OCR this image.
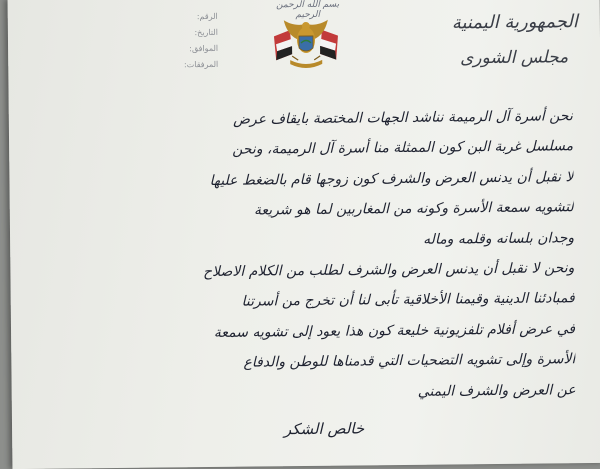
الرقم:
التاريخ:
الموافق:
المرفقات:
بسم الله الرحمن الرحيم	الجمهورية اليمنية
مجلس الشورى
نحن أسرة آل الرميمة نناشد الجهات المختصة بايقاف عرض
مسلسل غربة البن كون الممثلة منا أسرة آل الرميمة، ونحن
لا نقبل أن يدنس العرض والشرف كون زوجها قام بالضغط عليها
لتشويه سمعة الأسرة وكونه من المغاربين لما هو شريعة
وجدان بلسانه وقلمه وماله
ونحن لا نقبل أن يدنس العرض والشرف لطلب من الكلام الاصلاح
فمبادئنا الدينية وقيمنا الأخلاقية تأبى لنا أن تخرج من أسرتنا
في عرض أفلام تلفزيونية خليعة كون هذا يعود إلى تشويه سمعة
الأسرة وإلى تشويه التضحيات التي قدمناها للوطن والدفاع
عن العرض والشرف اليمني
خالص الشكر
